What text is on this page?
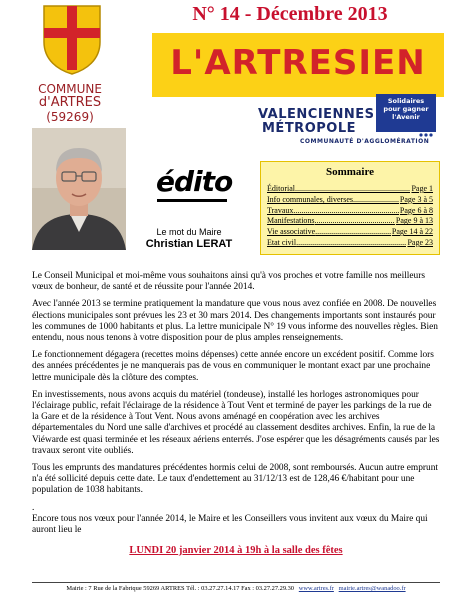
COMMUNE
d'ARTRES
(59269)
N° 14 - Décembre 2013
L'ARTRESIEN
VALENCIENNES
MÉTROPOLE
COMMUNAUTÉ D'AGGLOMÉRATION
Solidaires pour gagner l'Avenir
édito
Le mot du Maire
Christian LERAT
Sommaire
Éditorial .....	Page 1
Info communales, diverses .....	Page 3 à 5
Travaux .....	Page 6 à 8
Manifestations .....	Page 9 à 13
Vie associative .....	Page 14 à 22
Etat civil .....	Page 23

Le Conseil Municipal et moi-même vous souhaitons ainsi qu'à vos proches et votre famille nos meilleurs vœux de bonheur, de santé et de réussite pour l'année 2014.

Avec l'année 2013 se termine pratiquement la mandature que vous nous avez confiée en 2008. De nouvelles élections municipales sont prévues les 23 et 30 mars 2014. Des changements importants sont instaurés pour les communes de 1000 habitants et plus. La lettre municipale N° 19 vous informe des nouvelles règles. Bien entendu, nous nous tenons à votre disposition pour de plus amples renseignements.

Le fonctionnement dégagera (recettes moins dépenses) cette année encore un excédent positif. Comme lors des années précédentes je ne manquerais pas de vous en communiquer le montant exact par une prochaine lettre municipale dès la clôture des comptes.

En investissements, nous avons acquis du matériel (tondeuse), installé les horloges astronomiques pour l'éclairage public, refait l'éclairage de la résidence à Tout Vent et terminé de payer les parkings de la rue de la Gare et de la résidence à Tout Vent. Nous avons aménagé en coopération avec les archives départementales du Nord une salle d'archives et procédé au classement desdites archives. Enfin, la rue de la Viéwarde est quasi terminée et les réseaux aériens enterrés. J'ose espérer que les désagréments causés par les travaux seront vite oubliés.

Tous les emprunts des mandatures précédentes hormis celui de 2008, sont remboursés. Aucun autre emprunt n'a été sollicité depuis cette date. Le taux d'endettement au 31/12/13 est de 128,46 €/habitant pour une population de 1038 habitants.

.

Encore tous nos vœux pour l'année 2014, le Maire et les Conseillers vous invitent aux vœux du Maire qui auront lieu le

LUNDI 20 janvier 2014 à 19h à la salle des fêtes
Mairie : 7 Rue de la Fabrique 59269 ARTRES Tél. : 03.27.27.14.17 Fax : 03.27.27.29.30 www.artres.fr mairie.artres@wanadoo.fr
